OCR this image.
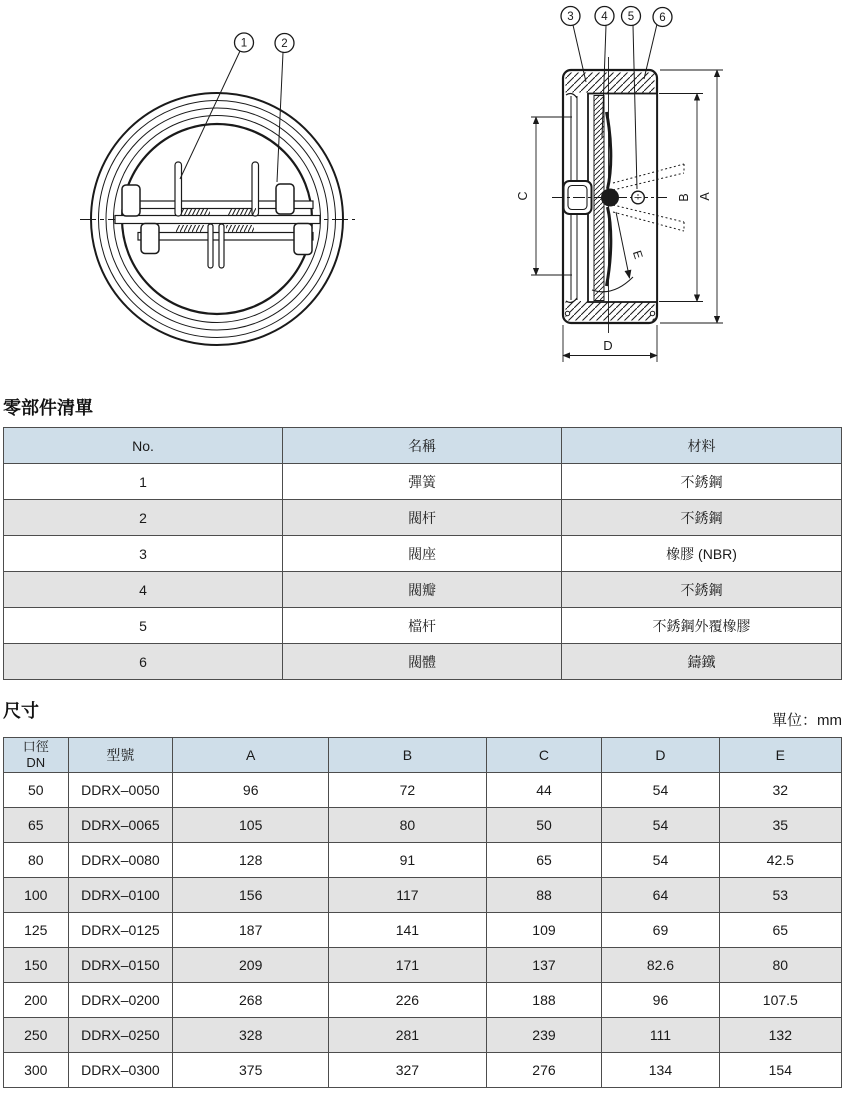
1	2
E
C	B A
D
3 4 5 6
零部件清單
No.	名稱	材料
1	彈簧	不銹鋼
2	閥杆	不銹鋼
3	閥座	橡膠 (NBR)
4	閥瓣	不銹鋼
5	檔杆	不銹鋼外覆橡膠
6	閥體	鑄鐵
尺寸	單位：mm
口徑
DN	型號	A	B	C	D	E
50	DDRX–0050	96	72	44	54	32
65	DDRX–0065	105	80	50	54	35
80	DDRX–0080	128	91	65	54	42.5
100	DDRX–0100	156	117	88	64	53
125	DDRX–0125	187	141	109	69	65
150	DDRX–0150	209	171	137	82.6	80
200	DDRX–0200	268	226	188	96	107.5
250	DDRX–0250	328	281	239	111	132
300	DDRX–0300	375	327	276	134	154
